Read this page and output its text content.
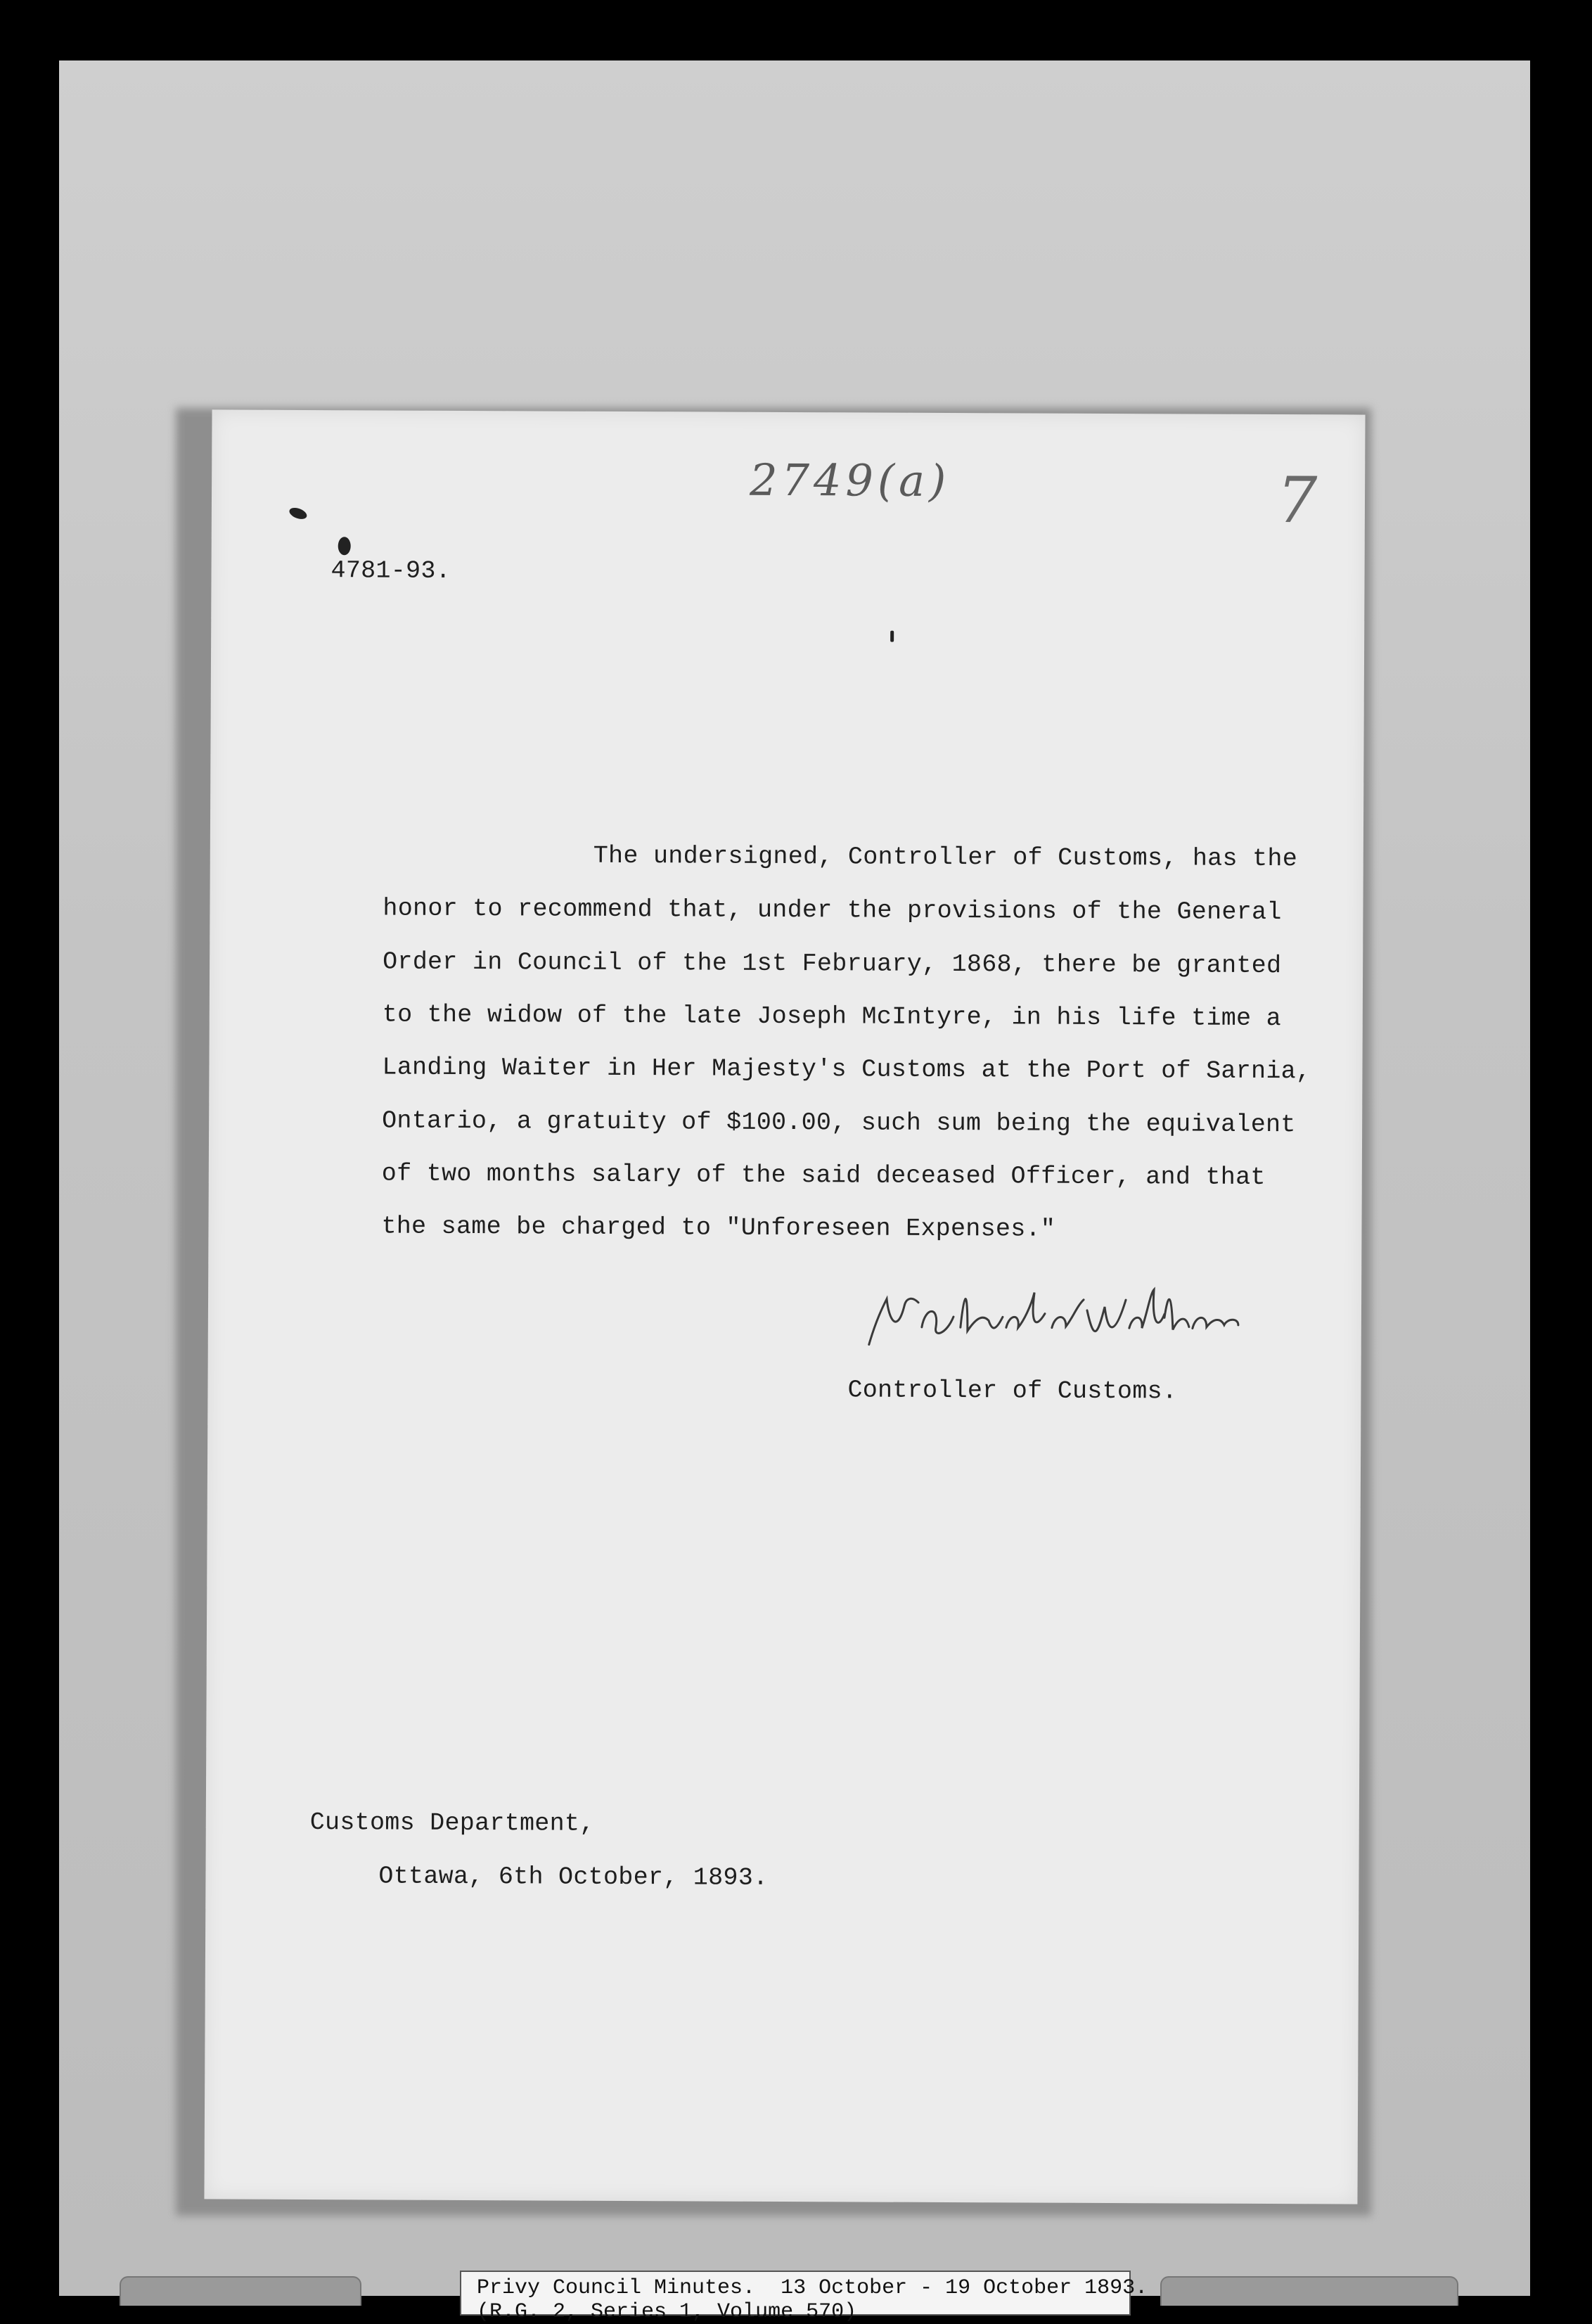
4781-93.
2749(a)	7
The undersigned, Controller of Customs, has the
honor to recommend that, under the provisions of the General
Order in Council of the 1st February, 1868, there be granted
to the widow of the late Joseph McIntyre, in his life time a
Landing Waiter in Her Majesty's Customs at the Port of Sarnia,
Ontario, a gratuity of $100.00, such sum being the equivalent
of two months salary of the said deceased Officer, and that
the same be charged to "Unforeseen Expenses."
Controller of Customs.
Customs Department,
Ottawa, 6th October, 1893.
Privy Council Minutes.  13 October - 19 October 1893.
(R.G. 2, Series 1, Volume 570)
